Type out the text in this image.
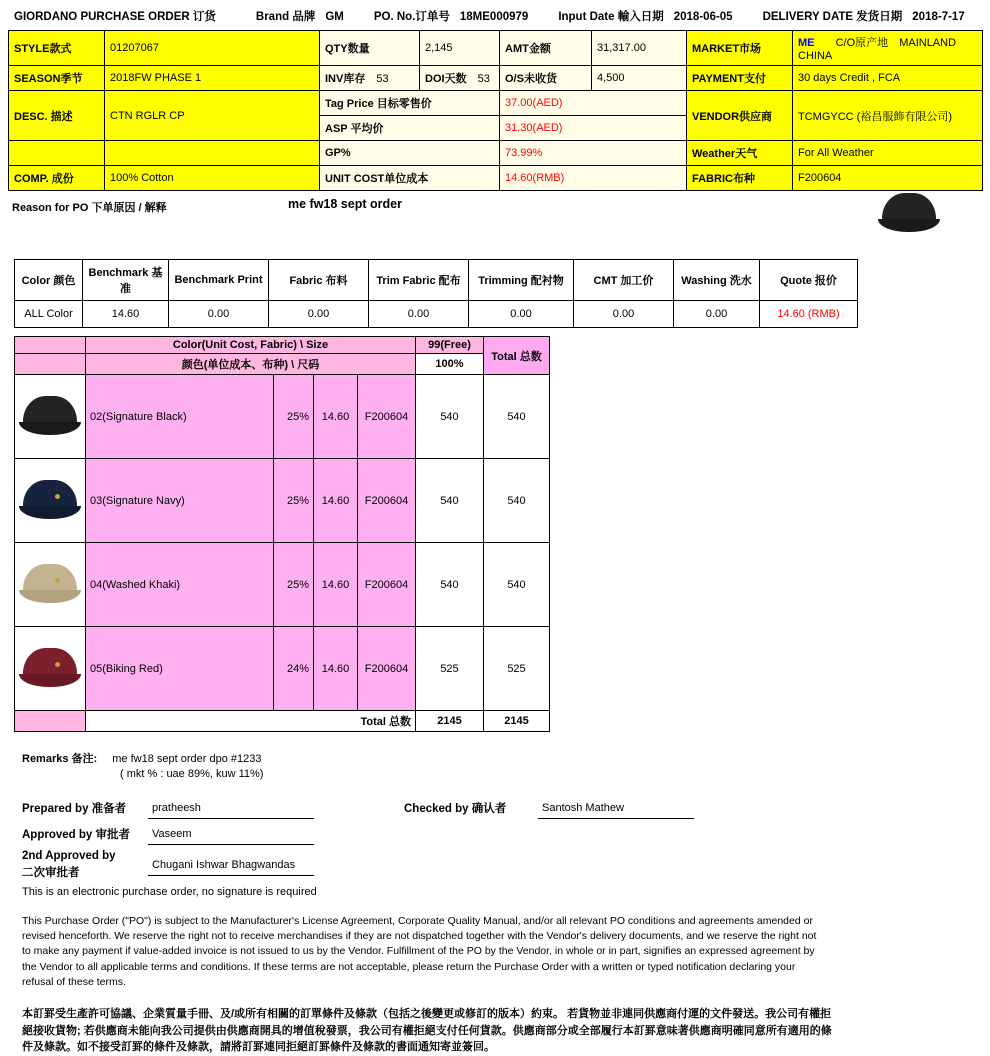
GIORDANO PURCHASE ORDER 订货	Brand 品牌 GM	PO. No.订单号 18ME000979	Input Date 輸入日期 2018-06-05	DELIVERY DATE 发货日期 2018-7-17
STYLE款式	01207067	QTY数量	2,145	AMT金额	31,317.00	MARKET市场	ME C/O原产地 MAINLAND CHINA
SEASON季节	2018FW PHASE 1	INV库存 53	DOI天数 53	O/S未收货	4,500	PAYMENT支付	30 days Credit , FCA
DESC. 描述	CTN RGLR CP	Tag Price 目标零售价		37.00(AED)		VENDOR供应商	TCMGYCC (裕昌服飾有限公司)
		ASP 平均价		31.30(AED)			
		GP%		73.99%		Weather天气	For All Weather
COMP. 成份	100% Cotton	UNIT COST单位成本		14.60(RMB)		FABRIC布种	F200604
Reason for PO 下单原因 / 解释	me fw18 sept order
Color 颜色	Benchmark 基准	Benchmark Print	Fabric 布料	Trim Fabric 配布	Trimming 配衬物	CMT 加工价	Washing 洗水	Quote 报价
ALL Color	14.60	0.00	0.00	0.00	0.00	0.00	0.00	14.60 (RMB)
	Color(Unit Cost, Fabric) \ Size				99(Free)	Total 总数
	颜色(单位成本、布种) \ 尺码				100%	

	02(Signature Black)	25%	14.60	F200604	540	540

	03(Signature Navy)	25%	14.60	F200604	540	540

	04(Washed Khaki)	25%	14.60	F200604	540	540

	05(Biking Red)	24%	14.60	F200604	525	525
	Total 总数				2145	2145
Remarks 备注: me fw18 sept order dpo #1233
( mkt % : uae 89%, kuw 11%)
Prepared by 准备者 pratheesh	Checked by 确认者	Santosh Mathew
Approved by 审批者 Vaseem
2nd Approved by
二次审批者
Chugani Ishwar Bhagwandas
This is an electronic purchase order, no signature is required
This Purchase Order ("PO") is subject to the Manufacturer's License Agreement, Corporate Quality Manual, and/or all relevant PO conditions and agreements amended or revised henceforth. We reserve the right not to receive merchandises if they are not dispatched together with the Vendor's delivery documents, and we reserve the right not to make any payment if value-added invoice is not issued to us by the Vendor. Fulfillment of the PO by the Vendor, in whole or in part, signifies an expressed agreement by the Vendor to all applicable terms and conditions. If these terms are not acceptable, please return the Purchase Order with a written or typed notification declaring your refusal of these terms.
本訂罫受生產許可協議、企業質量手冊、及/或所有相關的訂單條件及條款（包括之後變更或修訂的版本）約束。 若貨物並非連同供應商付運的文件發送。我公司有權拒絕接收貨物; 若供應商未能向我公司提供由供應商開具的增值稅發票，我公司有權拒絕支付任何貨款。供應商部分或全部履行本訂罫意味著供應商明確同意所有適用的條件及條款。如不接受訂罫的條件及條款，請將訂罫連同拒絕訂罫條件及條款的書面通知寄並簽回。
